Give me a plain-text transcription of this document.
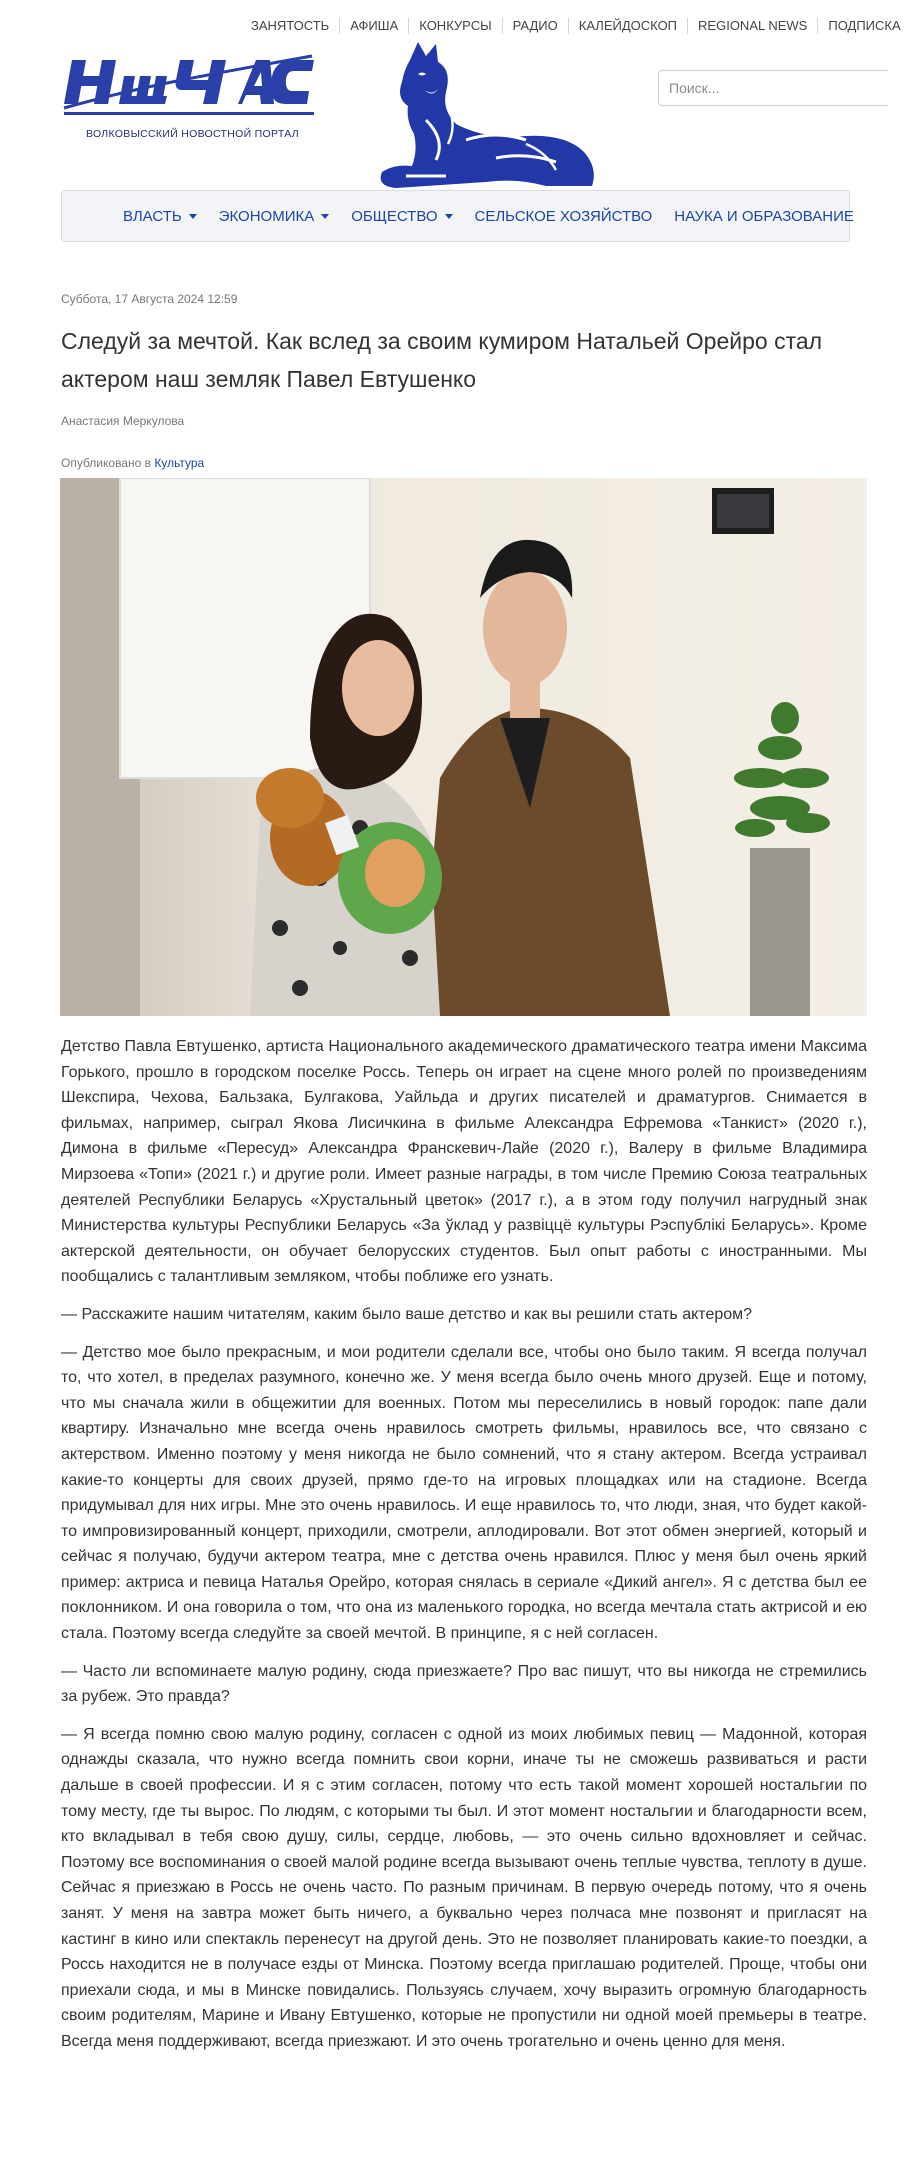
ЗАНЯТОСТЬ	АФИША	КОНКУРСЫ	РАДИО	КАЛЕЙДОСКОП	REGIONAL NEWS	ПОДПИСКА
ВОЛКОВЫССКИЙ НОВОСТНОЙ ПОРТАЛ
Поиск...
ВЛАСТЬ ЭКОНОМИКА ОБЩЕСТВО СЕЛЬСКОЕ ХОЗЯЙСТВО НАУКА И ОБРАЗОВАНИЕ
Суббота, 17 Августа 2024 12:59
Следуй за мечтой. Как вслед за своим кумиром Натальей Орейро стал актером наш земляк Павел Евтушенко
Анастасия Меркулова
Опубликовано в Культура

Детство Павла Евтушенко, артиста Национального академического драматического театра имени Максима Горького, прошло в городском поселке Россь. Теперь он играет на сцене много ролей по произведениям Шекспира, Чехова, Бальзака, Булгакова, Уайльда и других писателей и драматургов. Снимается в фильмах, например, сыграл Якова Лисичкина в фильме Александра Ефремова «Танкист» (2020 г.), Димона в фильме «Пересуд» Александра Франскевич-Лайе (2020 г.), Валеру в фильме Владимира Мирзоева «Топи» (2021 г.) и другие роли. Имеет разные награды, в том числе Премию Союза театральных деятелей Республики Беларусь «Хрустальный цветок» (2017 г.), а в этом году получил нагрудный знак Министерства культуры Республики Беларусь «За ўклад у развіццё культуры Рэспублікі Беларусь». Кроме актерской деятельности, он обучает белорусских студентов. Был опыт работы с иностранными. Мы пообщались с талантливым земляком, чтобы поближе его узнать.

— Расскажите нашим читателям, каким было ваше детство и как вы решили стать актером?

— Детство мое было прекрасным, и мои родители сделали все, чтобы оно было таким. Я всегда получал то, что хотел, в пределах разумного, конечно же. У меня всегда было очень много друзей. Еще и потому, что мы сначала жили в общежитии для военных. Потом мы переселились в новый городок: папе дали квартиру. Изначально мне всегда очень нравилось смотреть фильмы, нравилось все, что связано с актерством. Именно поэтому у меня никогда не было сомнений, что я стану актером. Всегда устраивал какие-то концерты для своих друзей, прямо где-то на игровых площадках или на стадионе. Всегда придумывал для них игры. Мне это очень нравилось. И еще нравилось то, что люди, зная, что будет какой-то импровизированный концерт, приходили, смотрели, аплодировали. Вот этот обмен энергией, который и сейчас я получаю, будучи актером театра, мне с детства очень нравился. Плюс у меня был очень яркий пример: актриса и певица Наталья Орейро, которая снялась в сериале «Дикий ангел». Я с детства был ее поклонником. И она говорила о том, что она из маленького городка, но всегда мечтала стать актрисой и ею стала. Поэтому всегда следуйте за своей мечтой. В принципе, я с ней согласен.

— Часто ли вспоминаете малую родину, сюда приезжаете? Про вас пишут, что вы никогда не стремились за рубеж. Это правда?

— Я всегда помню свою малую родину, согласен с одной из моих любимых певиц — Мадонной, которая однажды сказала, что нужно всегда помнить свои корни, иначе ты не сможешь развиваться и расти дальше в своей профессии. И я с этим согласен, потому что есть такой момент хорошей ностальгии по тому месту, где ты вырос. По людям, с которыми ты был. И этот момент ностальгии и благодарности всем, кто вкладывал в тебя свою душу, силы, сердце, любовь, — это очень сильно вдохновляет и сейчас. Поэтому все воспоминания о своей малой родине всегда вызывают очень теплые чувства, теплоту в душе. Сейчас я приезжаю в Россь не очень часто. По разным причинам. В первую очередь потому, что я очень занят. У меня на завтра может быть ничего, а буквально через полчаса мне позвонят и пригласят на кастинг в кино или спектакль перенесут на другой день. Это не позволяет планировать какие-то поездки, а Россь находится не в получасе езды от Минска. Поэтому всегда приглашаю родителей. Проще, чтобы они приехали сюда, и мы в Минске повидались. Пользуясь случаем, хочу выразить огромную благодарность своим родителям, Марине и Ивану Евтушенко, которые не пропустили ни одной моей премьеры в театре. Всегда меня поддерживают, всегда приезжают. И это очень трогательно и очень ценно для меня.
